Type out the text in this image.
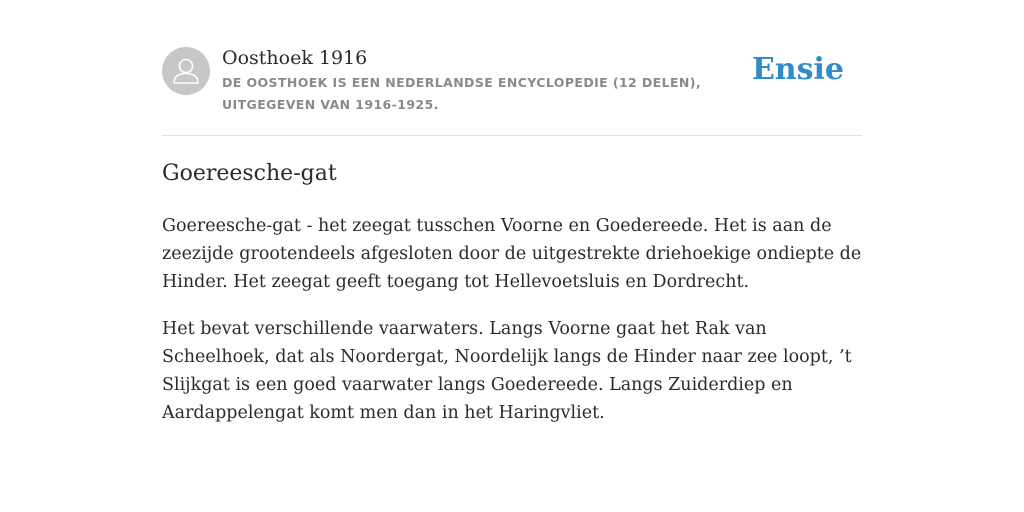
Oosthoek 1916
DE OOSTHOEK IS EEN NEDERLANDSE ENCYCLOPEDIE (12 DELEN), UITGEGEVEN VAN 1916-1925.
Ensie
Goereesche-gat

Goereesche-gat - het zeegat tusschen Voorne en Goedereede. Het is aan de zeezijde grootendeels afgesloten door de uitgestrekte driehoekige ondiepte de Hinder. Het zeegat geeft toegang tot Hellevoetsluis en Dordrecht.

Het bevat verschillende vaarwaters. Langs Voorne gaat het Rak van Scheelhoek, dat als Noordergat, Noordelijk langs de Hinder naar zee loopt, ’t Slijkgat is een goed vaarwater langs Goedereede. Langs Zuiderdiep en Aardappelengat komt men dan in het Haringvliet.
